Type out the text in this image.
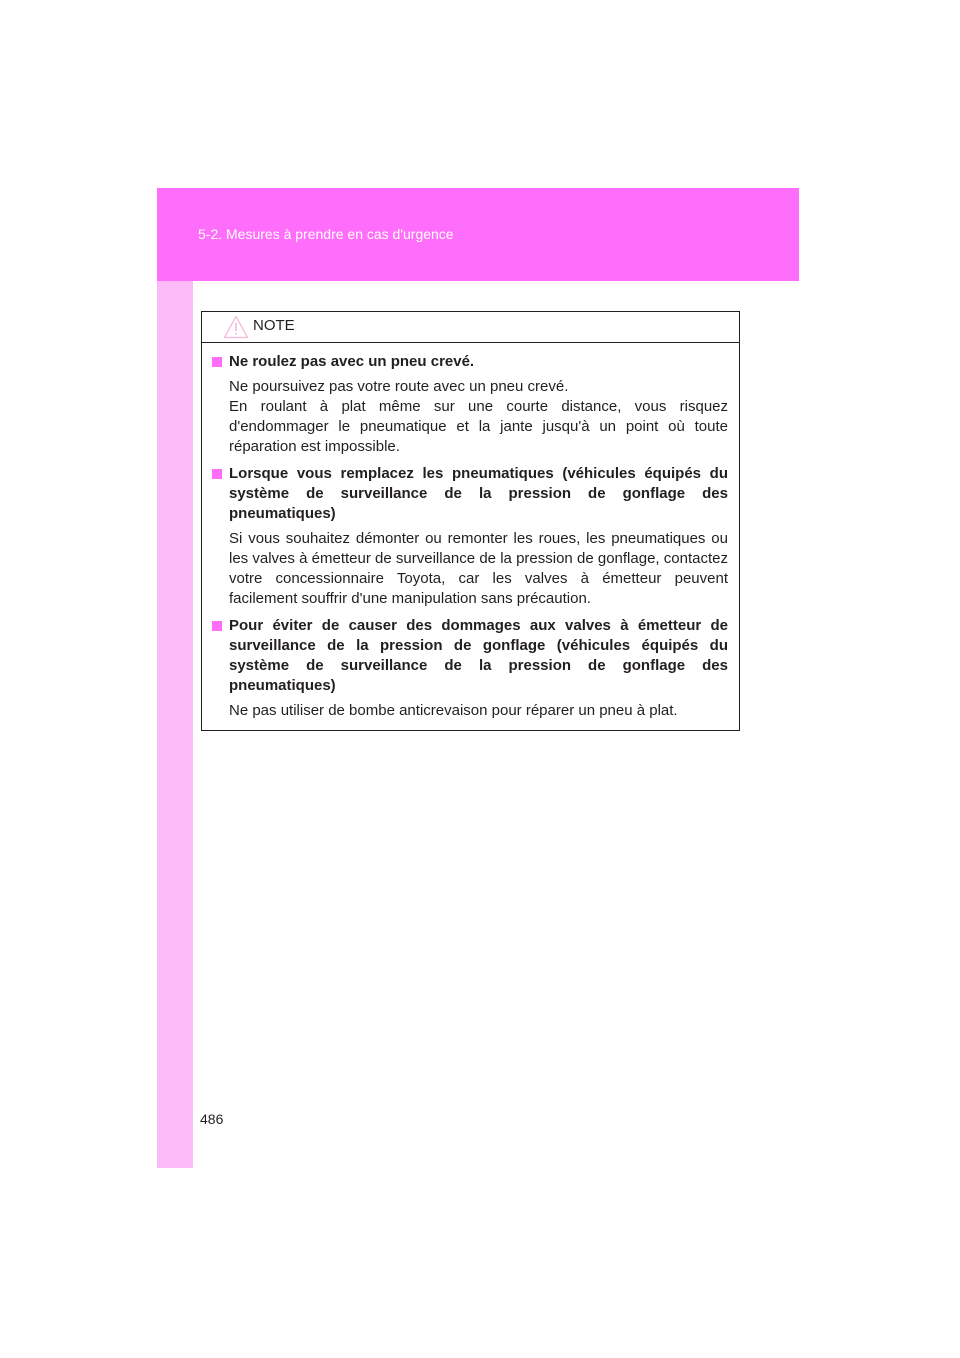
5-2. Mesures à prendre en cas d'urgence
NOTE
Ne roulez pas avec un pneu crevé.
Ne poursuivez pas votre route avec un pneu crevé.
En roulant à plat même sur une courte distance, vous risquez d'endommager le pneumatique et la jante jusqu'à un point où toute réparation est impossible.
Lorsque vous remplacez les pneumatiques (véhicules équipés du système de surveillance de la pression de gonflage des pneumatiques)
Si vous souhaitez démonter ou remonter les roues, les pneumatiques ou les valves à émetteur de surveillance de la pression de gonflage, contactez votre concessionnaire Toyota, car les valves à émetteur peuvent facilement souffrir d'une manipulation sans précaution.
Pour éviter de causer des dommages aux valves à émetteur de surveillance de la pression de gonflage (véhicules équipés du système de surveillance de la pression de gonflage des pneumatiques)
Ne pas utiliser de bombe anticrevaison pour réparer un pneu à plat.
486
